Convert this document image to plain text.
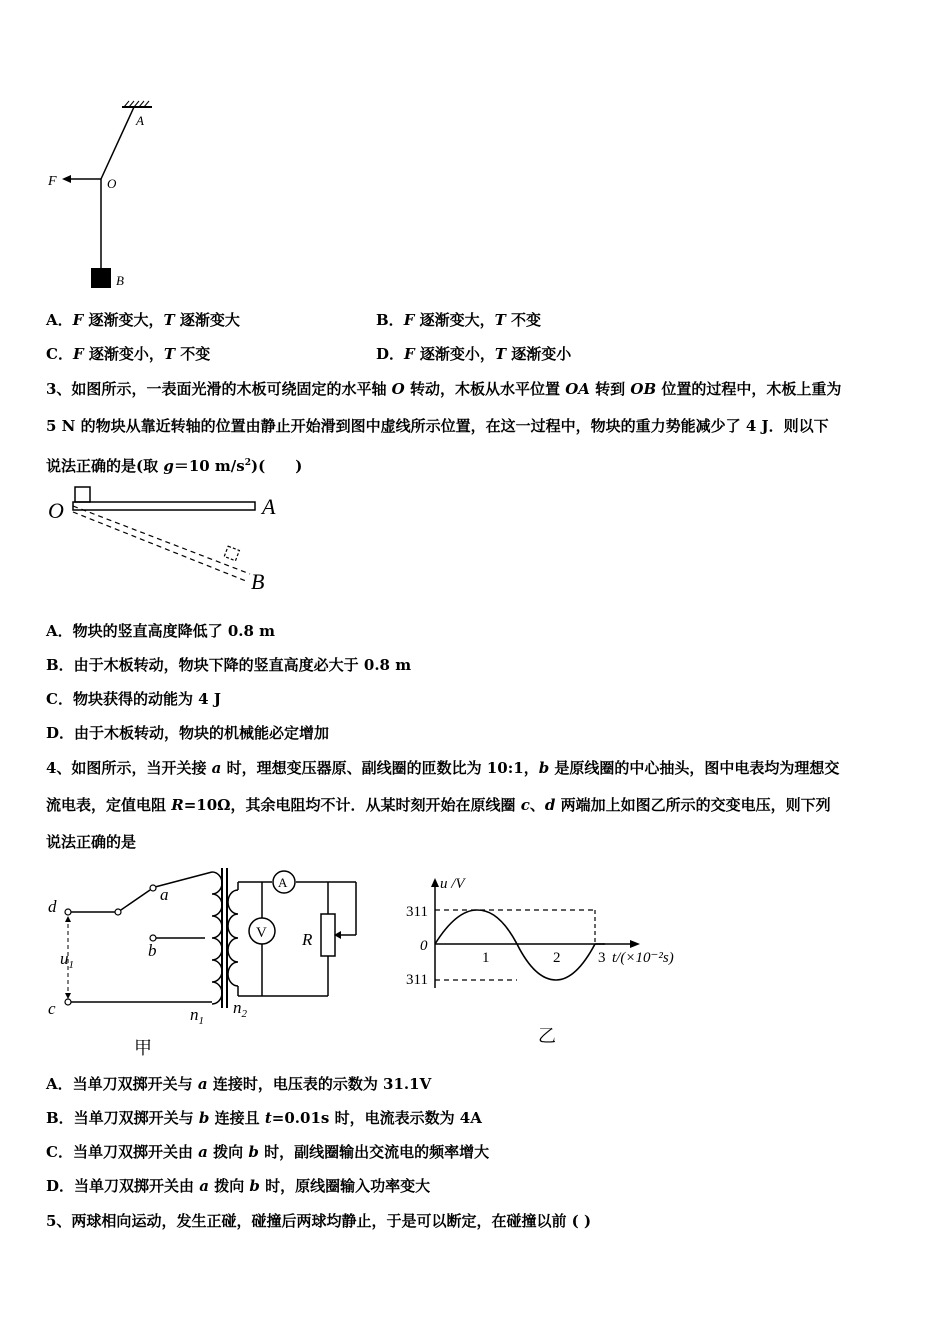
A
O
F
B
A．F 逐渐变大，T 逐渐变大	B．F 逐渐变大，T 不变
C．F 逐渐变小，T 不变	D．F 逐渐变小，T 逐渐变小
3、如图所示，一表面光滑的木板可绕固定的水平轴 O 转动，木板从水平位置 OA 转到 OB 位置的过程中，木板上重为
5 N 的物块从靠近转轴的位置由静止开始滑到图中虚线所示位置，在这一过程中，物块的重力势能减少了 4 J．则以下
说法正确的是(取 g＝10 $m/s^2$)(　　)
O	A
B
A．物块的竖直高度降低了 0.8 m
B．由于木板转动，物块下降的竖直高度必大于 0.8 m
C．物块获得的动能为 4 J
D．由于木板转动，物块的机械能必定增加
4、如图所示，当开关接 a 时，理想变压器原、副线圈的匝数比为 10:1，b 是原线圈的中心抽头，图中电表均为理想交
流电表，定值电阻 R=10Ω，其余电阻均不计．从某时刻开始在原线圈 c、d 两端加上如图乙所示的交变电压，则下列
说法正确的是
d
c
a
b
$u_1$
$n_1$
$n_2$
A
V R
甲
u /V
311
311
0
1	2	3 t/(×10⁻²s)
乙
A．当单刀双掷开关与 a 连接时，电压表的示数为 31.1V
B．当单刀双掷开关与 b 连接且 t=0.01s 时，电流表示数为 4A
C．当单刀双掷开关由 a 拨向 b 时，副线圈输出交流电的频率增大
D．当单刀双掷开关由 a 拨向 b 时，原线圈输入功率变大
5、两球相向运动，发生正碰，碰撞后两球均静止，于是可以断定，在碰撞以前 ( )
